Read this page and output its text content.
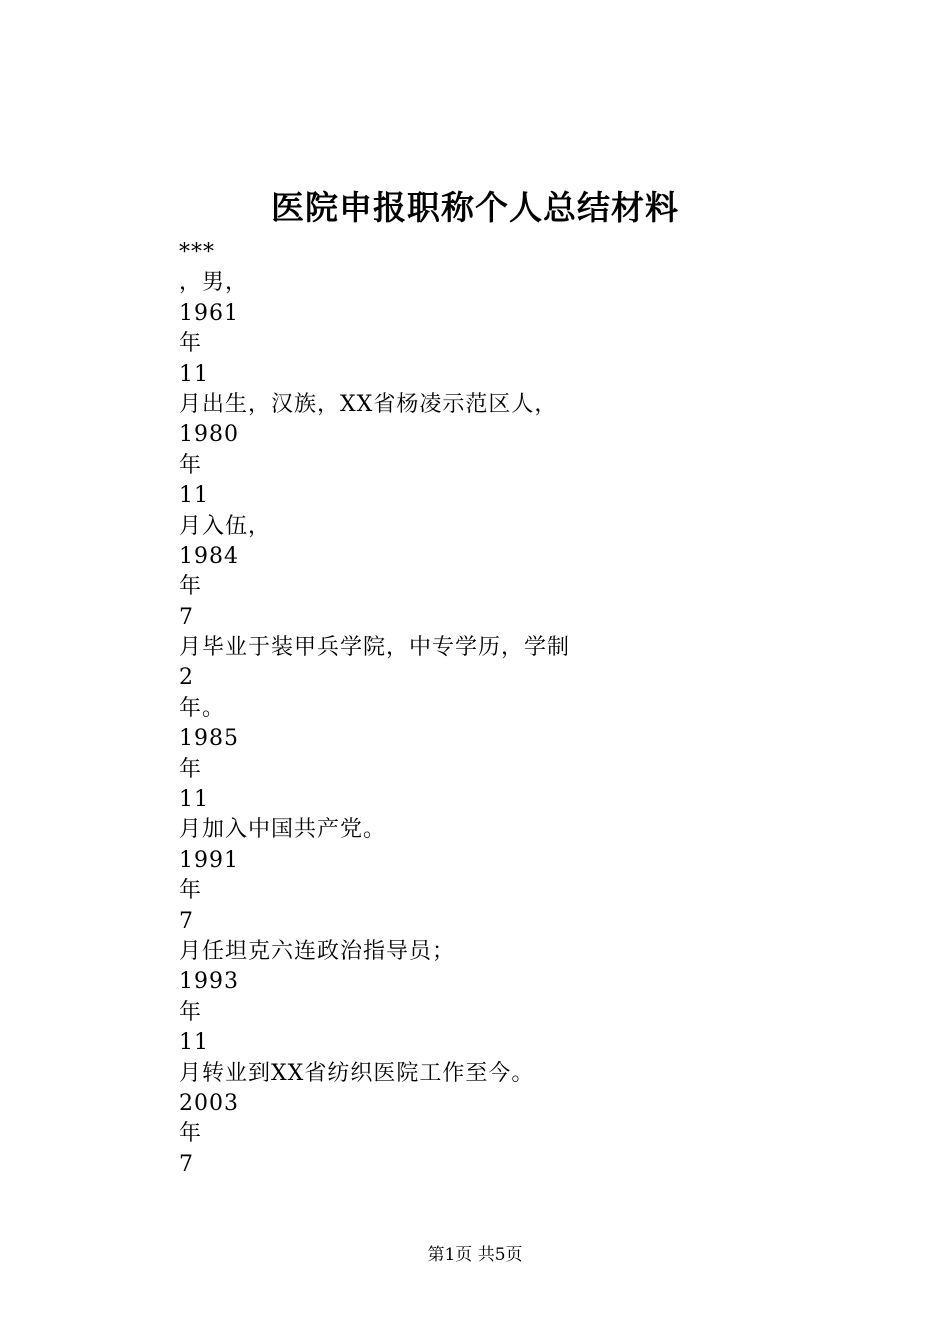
医院申报职称个人总结材料
***
，男，
1961
年
11
月出生，汉族，XX省杨凌示范区人，
1980
年
11
月入伍，
1984
年
7
月毕业于装甲兵学院，中专学历，学制
2
年。
1985
年
11
月加入中国共产党。
1991
年
7
月任坦克六连政治指导员；
1993
年
11
月转业到XX省纺织医院工作至今。
2003
年
7
第1页 共5页
